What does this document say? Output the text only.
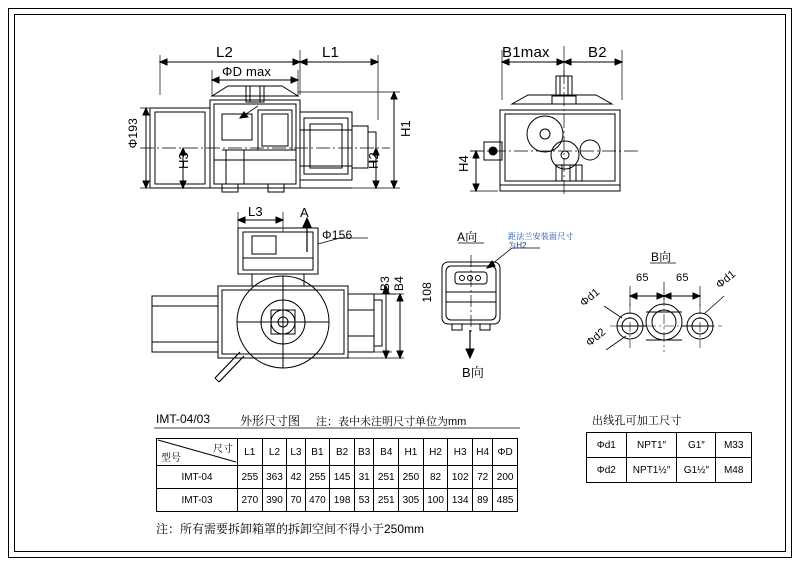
L2	L1
ΦD max
Φ193
H3
H1
H2
B1max	B2
H4
L3	A
Φ156
B3 B4 108
A向	距法兰安装面尺寸为H2
B向
65 65 Φd1
Φd1
Φd2
B向
IMT-04/03 外形尺寸图 注：表中未注明尺寸单位为mm
尺寸
型号	L1	L2	L3	B1	B2	B3	B4	H1	H2	H3	H4	ΦD
IMT-04	255	363	42	255	145	31	251	250	82	102	72	200
IMT-03	270	390	70	470	198	53	251	305	100	134	89	485
注：所有需要拆卸箱罩的拆卸空间不得小于250mm
出线孔可加工尺寸
Φd1	NPT1″	G1″	M33
Φd2	NPT1½″	G1½″	M48
